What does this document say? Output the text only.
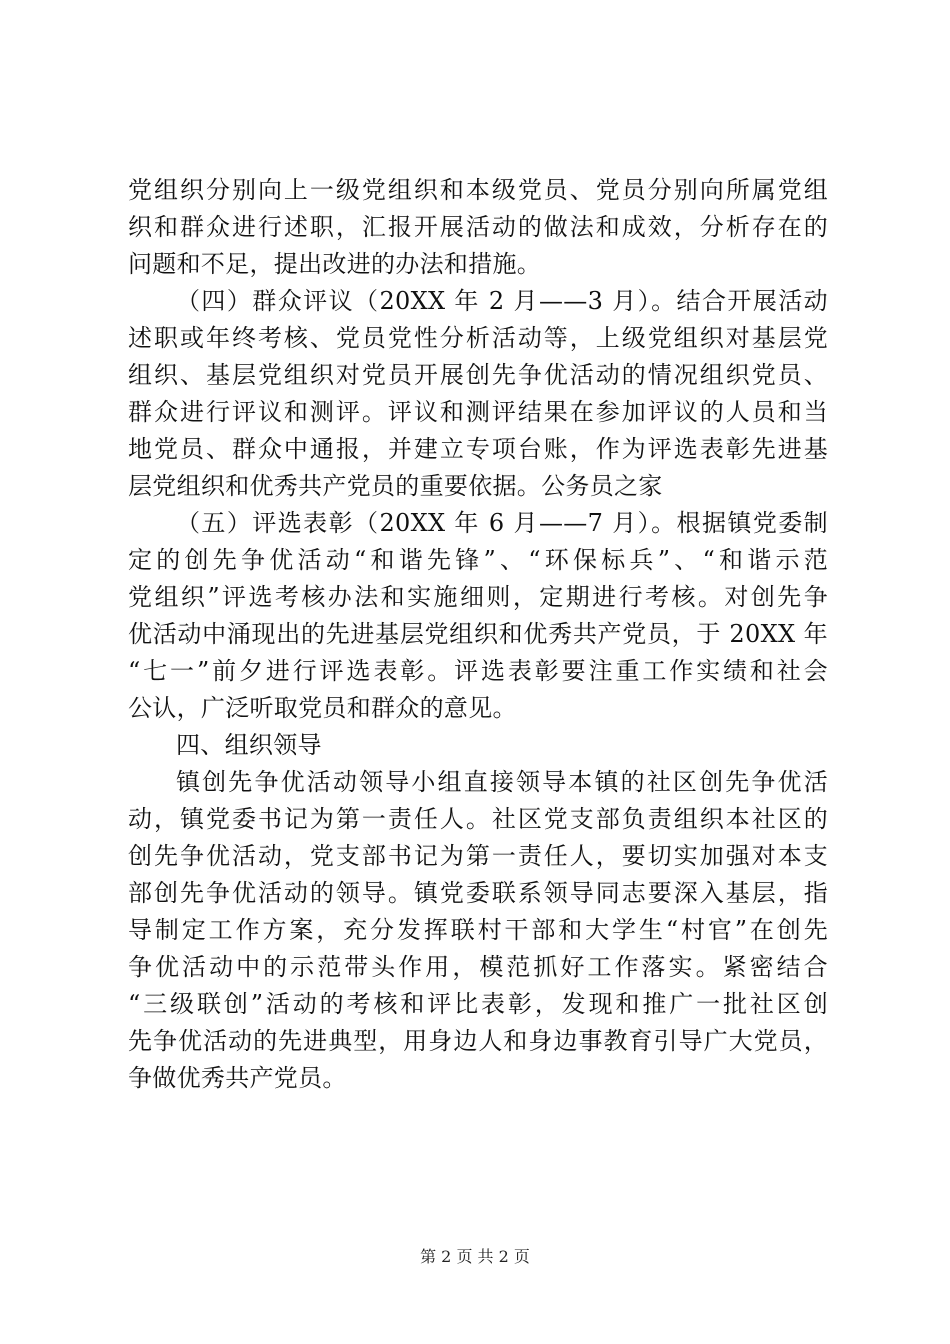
党组织分别向上一级党组织和本级党员、党员分别向所属党组
织和群众进行述职，汇报开展活动的做法和成效，分析存在的
问题和不足，提出改进的办法和措施。
（四）群众评议（20XX 年 2 月——3 月）。结合开展活动
述职或年终考核、党员党性分析活动等，上级党组织对基层党
组织、基层党组织对党员开展创先争优活动的情况组织党员、
群众进行评议和测评。评议和测评结果在参加评议的人员和当
地党员、群众中通报，并建立专项台账，作为评选表彰先进基
层党组织和优秀共产党员的重要依据。公务员之家
（五）评选表彰（20XX 年 6 月——7 月）。根据镇党委制
定的创先争优活动“和谐先锋”、“环保标兵”、“和谐示范
党组织”评选考核办法和实施细则，定期进行考核。对创先争
优活动中涌现出的先进基层党组织和优秀共产党员，于 20XX 年
“七一”前夕进行评选表彰。评选表彰要注重工作实绩和社会
公认，广泛听取党员和群众的意见。
四、组织领导
镇创先争优活动领导小组直接领导本镇的社区创先争优活
动，镇党委书记为第一责任人。社区党支部负责组织本社区的
创先争优活动，党支部书记为第一责任人，要切实加强对本支
部创先争优活动的领导。镇党委联系领导同志要深入基层，指
导制定工作方案，充分发挥联村干部和大学生“村官”在创先
争优活动中的示范带头作用，模范抓好工作落实。紧密结合
“三级联创”活动的考核和评比表彰，发现和推广一批社区创
先争优活动的先进典型，用身边人和身边事教育引导广大党员，
争做优秀共产党员。
第 2 页 共 2 页
